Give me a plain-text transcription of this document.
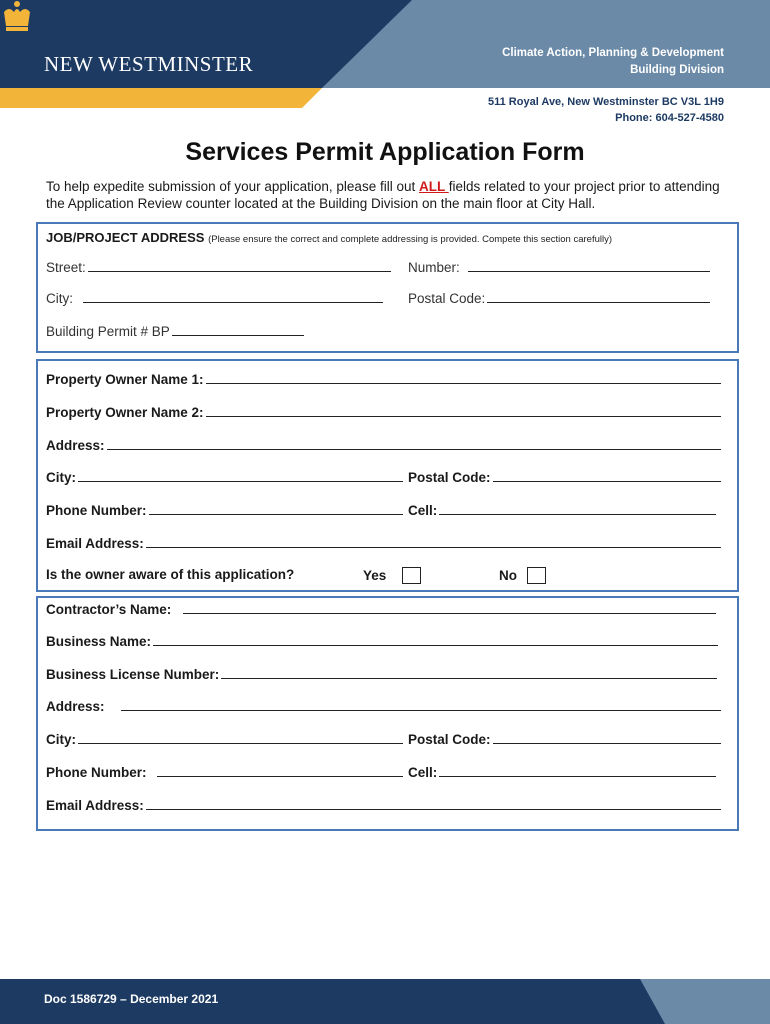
NEW WESTMINSTER	Climate Action, Planning & Development
Building Division
511 Royal Ave, New Westminster BC V3L 1H9
Phone: 604-527-4580
Services Permit Application Form
To help expedite submission of your application, please fill out ALL fields related to your project prior to attending the Application Review counter located at the Building Division on the main floor at City Hall.
JOB/PROJECT ADDRESS (Please ensure the correct and complete addressing is provided. Compete this section carefully)
Street:	Number:
City:	Postal Code:
Building Permit # BP
Property Owner Name 1:
Property Owner Name 2:
Address:
City:	Postal Code:
Phone Number:	Cell:
Email Address:
Is the owner aware of this application?	Yes	No
Contractor’s Name:
Business Name:
Business License Number:
Address:
City:	Postal Code:
Phone Number:	Cell:
Email Address:
Doc 1586729 – December 2021
